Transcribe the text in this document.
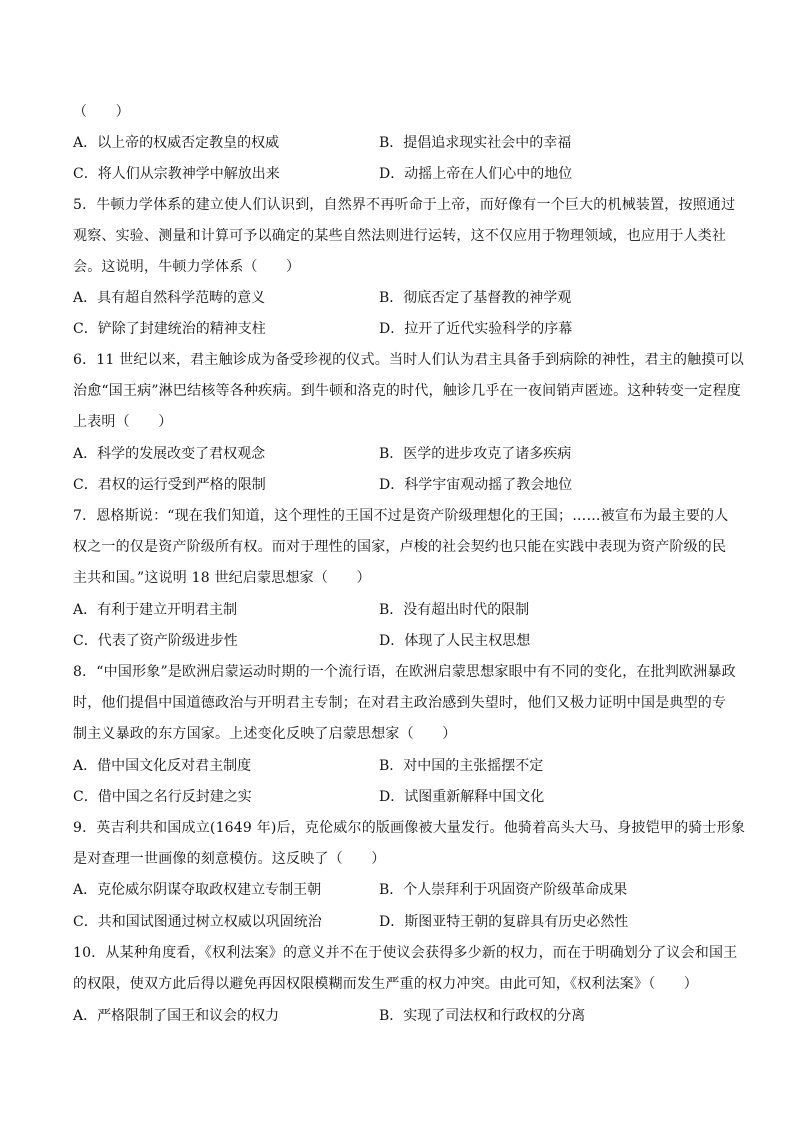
（　　）
A．以上帝的权威否定教皇的权威	B．提倡追求现实社会中的幸福
C．将人们从宗教神学中解放出来	D．动摇上帝在人们心中的地位
5．牛顿力学体系的建立使人们认识到，自然界不再听命于上帝，而好像有一个巨大的机械装置，按照通过
观察、实验、测量和计算可予以确定的某些自然法则进行运转，这不仅应用于物理领域，也应用于人类社
会。这说明，牛顿力学体系（　　）
A．具有超自然科学范畴的意义	B．彻底否定了基督教的神学观
C．铲除了封建统治的精神支柱	D．拉开了近代实验科学的序幕
6．11 世纪以来，君主触诊成为备受珍视的仪式。当时人们认为君主具备手到病除的神性，君主的触摸可以
治愈“国王病”淋巴结核等各种疾病。到牛顿和洛克的时代，触诊几乎在一夜间销声匿迹。这种转变一定程度
上表明（　　）
A．科学的发展改变了君权观念	B．医学的进步攻克了诸多疾病
C．君权的运行受到严格的限制	D．科学宇宙观动摇了教会地位
7．恩格斯说：“现在我们知道，这个理性的王国不过是资产阶级理想化的王国；……被宣布为最主要的人
权之一的仅是资产阶级所有权。而对于理性的国家，卢梭的社会契约也只能在实践中表现为资产阶级的民
主共和国。”这说明 18 世纪启蒙思想家（　　）
A．有利于建立开明君主制	B．没有超出时代的限制
C．代表了资产阶级进步性	D．体现了人民主权思想
8．“中国形象”是欧洲启蒙运动时期的一个流行语，在欧洲启蒙思想家眼中有不同的变化，在批判欧洲暴政
时，他们提倡中国道德政治与开明君主专制；在对君主政治感到失望时，他们又极力证明中国是典型的专
制主义暴政的东方国家。上述变化反映了启蒙思想家（　　）
A．借中国文化反对君主制度	B．对中国的主张摇摆不定
C．借中国之名行反封建之实	D．试图重新解释中国文化
9．英吉利共和国成立(1649 年)后，克伦威尔的版画像被大量发行。他骑着高头大马、身披铠甲的骑士形象
是对查理一世画像的刻意模仿。这反映了（　　）
A．克伦威尔阴谋夺取政权建立专制王朝	B．个人崇拜利于巩固资产阶级革命成果
C．共和国试图通过树立权威以巩固统治	D．斯图亚特王朝的复辟具有历史必然性
10．从某种角度看，《权利法案》的意义并不在于使议会获得多少新的权力，而在于明确划分了议会和国王
的权限，使双方此后得以避免再因权限模糊而发生严重的权力冲突。由此可知，《权利法案》（　　）
A．严格限制了国王和议会的权力	B．实现了司法权和行政权的分离
